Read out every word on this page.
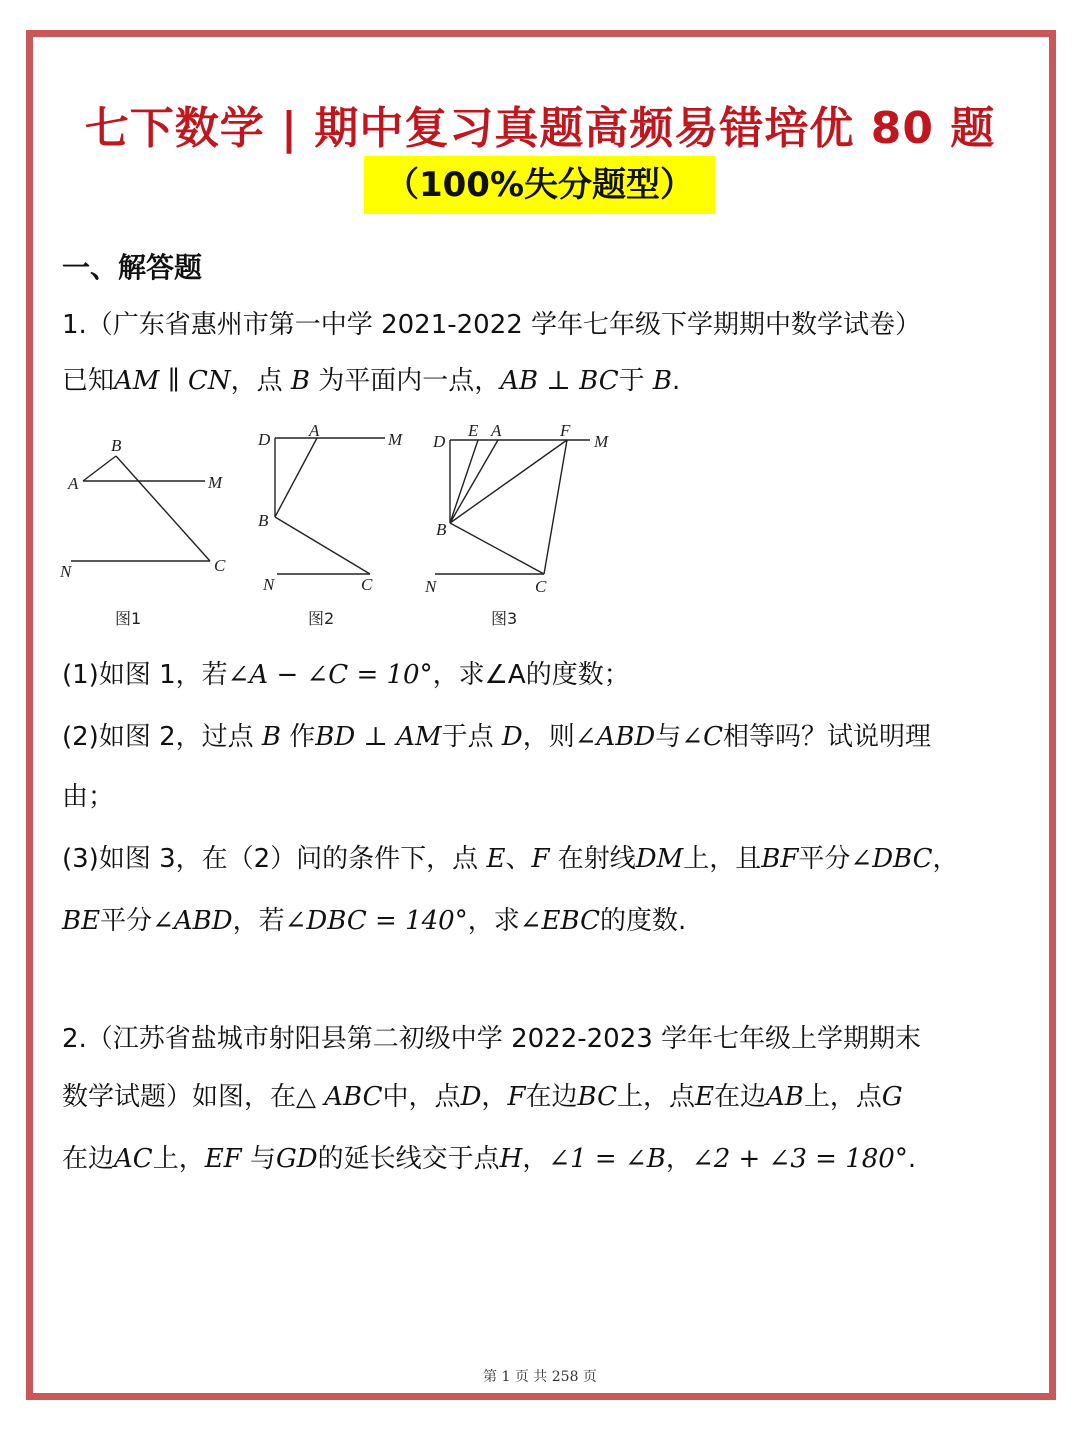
七下数学 | 期中复习真题高频易错培优 80 题
（100%失分题型）
一、解答题
1.（广东省惠州市第一中学 2021-2022 学年七年级下学期期中数学试卷）
已知AM ∥ CN，点 B 为平面内一点，AB ⊥ BC于 B.
B
A	M
N	C
图1
D A	M
B
N	C
图2
D
E A	F
M
B
N	C
图3
(1)如图 1，若∠A − ∠C = 10°，求∠A的度数；
(2)如图 2，过点 B 作BD ⊥ AM于点 D，则∠ABD与∠C相等吗？试说明理
由；
(3)如图 3，在（2）问的条件下，点 E、F 在射线DM上，且BF平分∠DBC，
BE平分∠ABD，若∠DBC = 140°，求∠EBC的度数.
2.（江苏省盐城市射阳县第二初级中学 2022-2023 学年七年级上学期期末
数学试题）如图，在△ ABC中，点D，F在边BC上，点E在边AB上，点G
在边AC上，EF 与GD的延长线交于点H，∠1 = ∠B，∠2 + ∠3 = 180°.
第 1 页 共 258 页
